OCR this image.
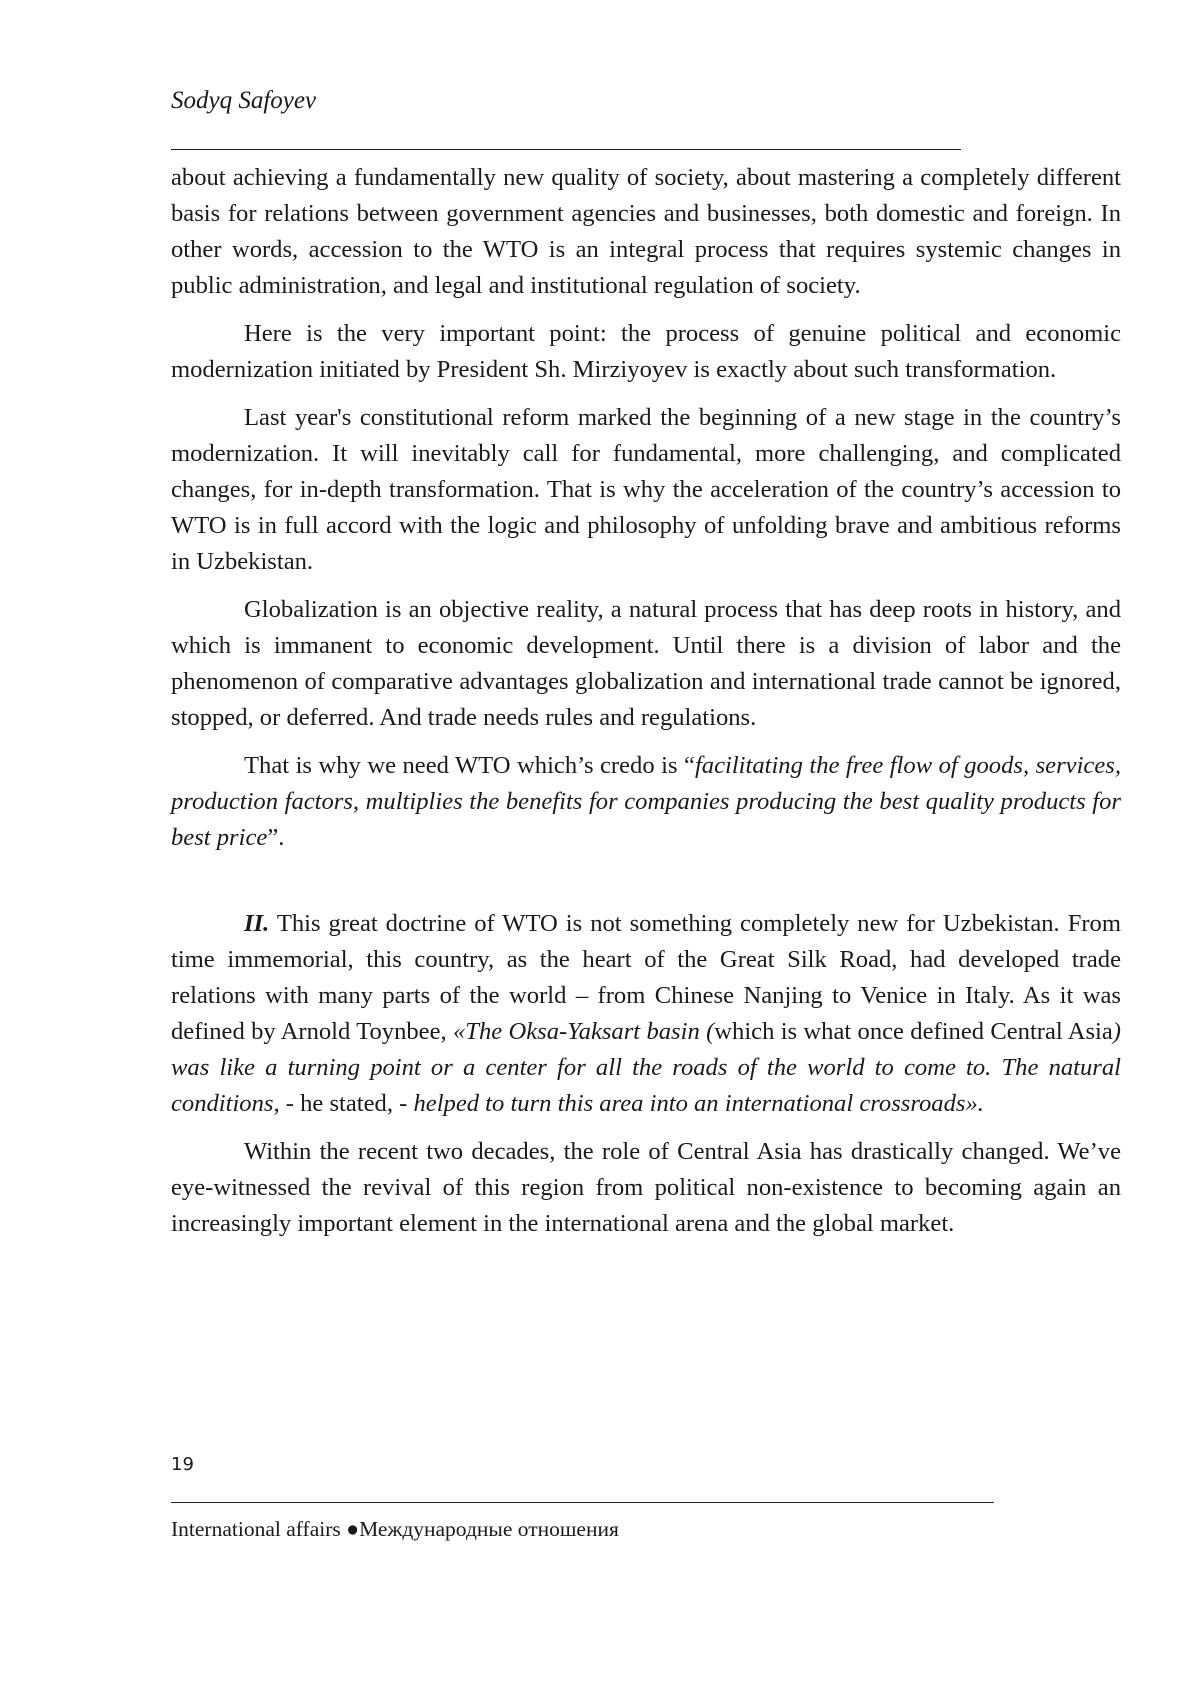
Sodyq Safoyev

about achieving a fundamentally new quality of society, about mastering a completely different basis for relations between government agencies and businesses, both domestic and foreign. In other words, accession to the WTO is an integral process that requires systemic changes in public administration, and legal and institutional regulation of society.

Here is the very important point: the process of genuine political and economic modernization initiated by President Sh. Mirziyoyev is exactly about such transformation.

Last year's constitutional reform marked the beginning of a new stage in the country’s modernization. It will inevitably call for fundamental, more challenging, and complicated changes, for in-depth transformation. That is why the acceleration of the country’s accession to WTO is in full accord with the logic and philosophy of unfolding brave and ambitious reforms in Uzbekistan.

Globalization is an objective reality, a natural process that has deep roots in history, and which is immanent to economic development. Until there is a division of labor and the phenomenon of comparative advantages globalization and international trade cannot be ignored, stopped, or deferred. And trade needs rules and regulations.

That is why we need WTO which’s credo is “facilitating the free flow of goods, services, production factors, multiplies the benefits for companies producing the best quality products for best price”.

II. This great doctrine of WTO is not something completely new for Uzbekistan. From time immemorial, this country, as the heart of the Great Silk Road, had developed trade relations with many parts of the world – from Chinese Nanjing to Venice in Italy. As it was defined by Arnold Toynbee, «The Oksa-Yaksart basin (which is what once defined Central Asia) was like a turning point or a center for all the roads of the world to come to. The natural conditions, - he stated, - helped to turn this area into an international crossroads».

Within the recent two decades, the role of Central Asia has drastically changed. We’ve eye-witnessed the revival of this region from political non-existence to becoming again an increasingly important element in the international arena and the global market.

19
International affairs ●Международные отношения
